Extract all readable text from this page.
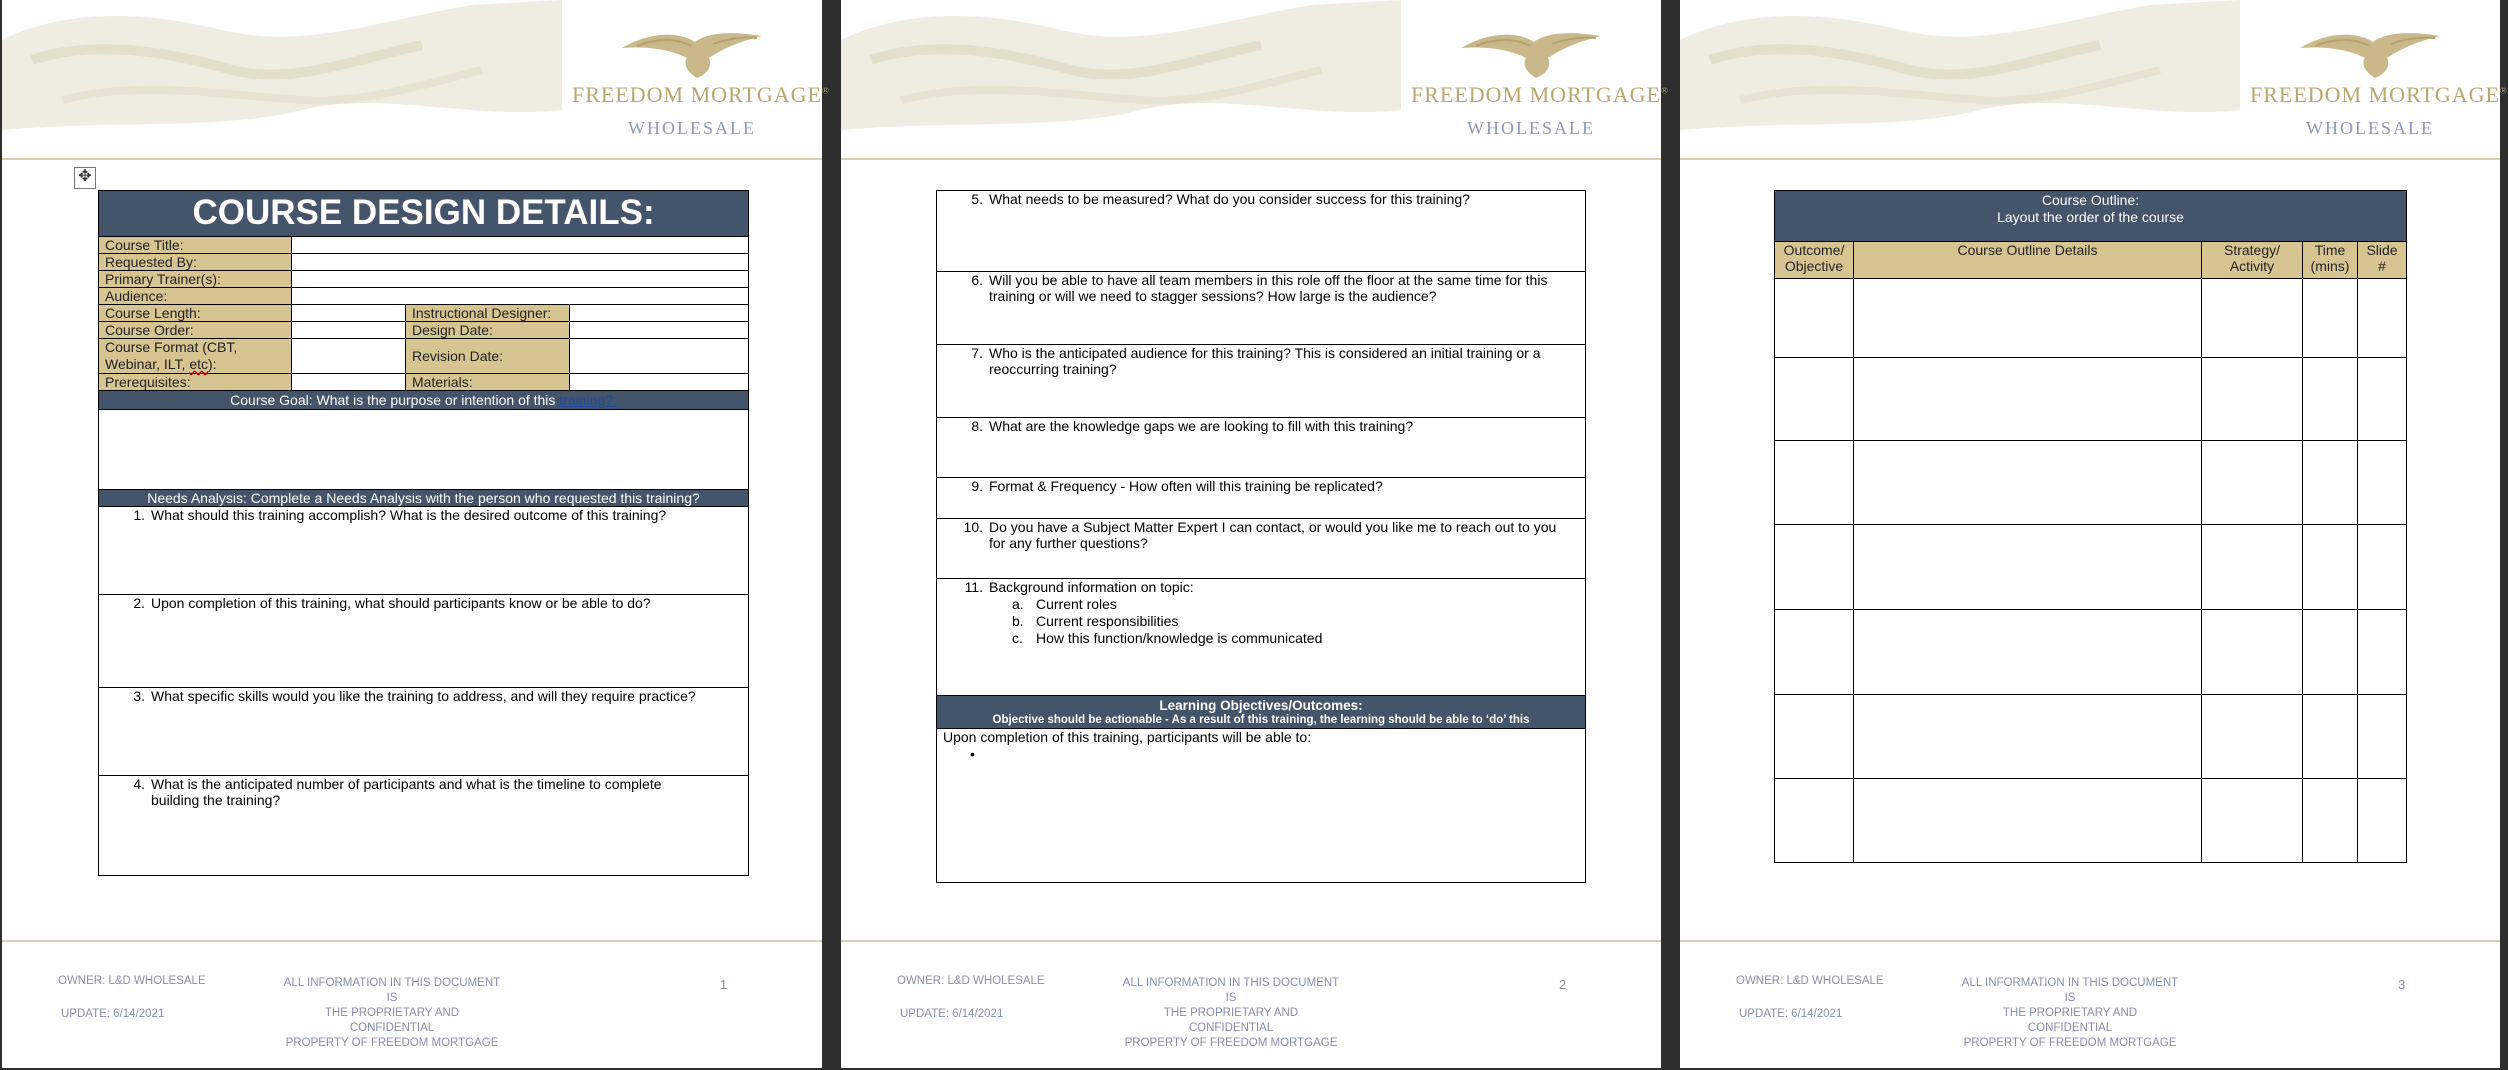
FREEDOM MORTGAGE®
WHOLESALE
✥
COURSE DESIGN DETAILS:			
Course Title:			
Requested By:			
Primary Trainer(s):			
Audience:			
Course Length:		Instructional Designer:	
Course Order:		Design Date:	
Course Format (CBT,
Webinar, ILT, etc):		Revision Date:	
Prerequisites:		Materials:	
Course Goal: What is the purpose or intention of this training?:			

Needs Analysis: Complete a Needs Analysis with the person who requested this training?			
1. What should this training accomplish? What is the desired outcome of this training?			
2. Upon completion of this training, what should participants know or be able to do?			
3. What specific skills would you like the training to address, and will they require practice?			
4. What is the anticipated number of participants and what is the timeline to complete building the training?			
OWNER: L&D WHOLESALE
UPDATE: 6/14/2021
ALL INFORMATION IN THIS DOCUMENT IS
THE PROPRIETARY AND CONFIDENTIAL
PROPERTY OF FREEDOM MORTGAGE
1
FREEDOM MORTGAGE®
WHOLESALE
5. What needs to be measured? What do you consider success for this training?
6. Will you be able to have all team members in this role off the floor at the same time for this training or will we need to stagger sessions? How large is the audience?
7. Who is the anticipated audience for this training? This is considered an initial training or a reoccurring training?
8. What are the knowledge gaps we are looking to fill with this training?
9. Format & Frequency - How often will this training be replicated?
10. Do you have a Subject Matter Expert I can contact, or would you like me to reach out to you for any further questions?
11. Background information on topic:
a. Current roles
b. Current responsibilities
c. How this function/knowledge is communicated

Learning Objectives/Outcomes:
Objective should be actionable - As a result of this training, the learning should be able to ‘do’ this

Upon completion of this training, participants will be able to:
•
OWNER: L&D WHOLESALE
UPDATE: 6/14/2021
ALL INFORMATION IN THIS DOCUMENT IS
THE PROPRIETARY AND CONFIDENTIAL
PROPERTY OF FREEDOM MORTGAGE
2
FREEDOM MORTGAGE®
WHOLESALE
Course Outline:
Layout the order of the course				

Outcome/ Objective	Course Outline Details	Strategy/ Activity	Time (mins)	Slide #

OWNER: L&D WHOLESALE
UPDATE: 6/14/2021
ALL INFORMATION IN THIS DOCUMENT IS
THE PROPRIETARY AND CONFIDENTIAL
PROPERTY OF FREEDOM MORTGAGE
3
